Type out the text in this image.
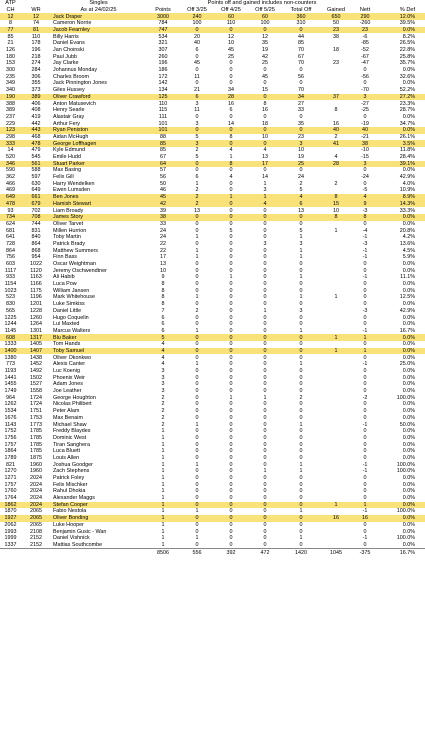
ATP		Singles	Points off and gained includes non-counters								
CH	WR	As at 24/02/25	Points	Off 3/25	Off 4/25	Off 5/25	Total Off	Gained	Nett	% Def	
12	12	Jack Draper	3000	240	60	60	360	650	290	12.0%	
8	74	Cameron Norrie	784	100	110	100	310	50	-260	39.5%	
77	81	Jacob Fearnley	747	0	0	0	0	23	23	0.0%	
85	110	Billy Harris	534	20	12	12	44	38	-6	8.2%	
21	178	Daniel Evans	321	40	10	35	85		-85	26.5%	
126	196	Jan Choinski	307	6	45	19	70	18	-52	22.8%	
180	218	Paul Jubb	260	0	25	42	67		-67	25.8%	
153	274	Jay Clarke	196	45	0	25	70	23	-47	35.7%	
300	284	Johannus Monday	186	0	0	0	0		0	0.0%	
235	306	Charles Broom	172	11	0	45	56		-56	32.6%	
349	355	Jack Pinnington Jones	142	0	0	0	0		0	0.0%	
340	373	Giles Hussey	134	21	34	15	70		-70	52.2%	
190	389	Oliver Crawford	125	6	28	0	34	37	3	27.2%	
388	406	Anton Matusevich	110	3	16	8	27		-27	23.3%	
389	408	Henry Searle	115	11	6	16	33	8	-25	28.7%	
237	419	Alastair Gray	111	0	0	0	0		0	0.0%	
229	442	Arthur Fery	101	3	14	18	35	16	-19	34.7%	
123	443	Ryan Peniston	101	0	0	0	0	40	40	0.0%	
298	468	Aidan McHugh	88	5	8	10	23	2	-21	26.1%	
333	478	George Loffhagen	85	3	0	0	3	41	38	3.5%	
14	479	Kyle Edmund	85	2	4	4	10		-10	11.8%	
520	545	Emile Hudd	67	5	1	13	19	4	-15	28.4%	
346	561	Stuart Parker	64	0	8	17	25	28	3	39.1%	
590	588	Max Basing	57	0	0	0	0		0	0.0%	
362	597	Felix Gill	56	6	4	14	24		-24	42.9%	
466	630	Harry Wendelken	50	1	0	1	2	2	0	4.0%	
469	649	Ewen Lumsden	46	2	0	3	5		-5	10.9%	
649	661	Ben Jones	45	2	1	1	4	8	4	8.9%	
478	679	Hamish Stewart	42	2	0	4	6	15	9	14.3%	
93	702	Liam Broady	39	13	0	0	13	10	-3	33.3%	
734	708	James Story	38	0	0	0	0	8	8	0.0%	
624	744	Oliver Tarvet	33	0	0	0	0		0	0.0%	
681	831	Millen Hurrion	24	0	5	0	5	1	-4	20.8%	
641	840	Toby Martin	24	1	0	0	1		-1	4.2%	
728	864	Patrick Brady	22	0	0	3	3		-3	13.6%	
864	868	Matthew Summers	22	1	0	0	1		-1	4.5%	
756	954	Finn Bass	17	1	0	0	1		-1	5.9%	
603	1022	Oscar Weightman	13	0	0	0	0		0	0.0%	
1117	1120	Jeremy Oschwendtner	10	0	0	0	0		0	0.0%	
933	1163	Ali Habib	9	0	1	0	1		-1	11.1%	
1154	1166	Luca Pow	8	0	0	0	0		0	0.0%	
1023	1175	William Jansen	8	0	0	0	0		0	0.0%	
523	1196	Mark Whitehouse	8	1	0	0	1	1	0	12.5%	
830	1201	Luke Simkiss	8	0	0	0	0		0	0.0%	
565	1228	Daniel Little	7	2	0	1	3		-3	42.9%	
1225	1260	Hugo Coquelin	6	0	0	0	0		0	0.0%	
1244	1264	Lui Maxted	6	0	0	0	0		0	0.0%	
1145	1301	Marcus Walters	6	1	0	0	1		-1	16.7%	
608	1317	Blu Baker	5	0	0	0	0	1	1	0.0%	
1333	1405	Tom Hands	4	0	0	0	0		0	0.0%	
1400	1407	Toby Samuel	4	0	0	0	0	1	1	0.0%	
1380	1438	Oliver Okonkwo	4	0	0	0	0		0	0.0%	
773	1452	Alexis Canter	4	1	0	0	1		-1	25.0%	
1193	1492	Luc Koenig	3	0	0	0	0		0	0.0%	
1441	1502	Phoenix Weir	3	0	0	0	0		0	0.0%	
1455	1527	Adam Jones	3	0	0	0	0		0	0.0%	
1749	1558	Joe Leather	3	0	0	0	0		0	0.0%	
964	1724	George Houghton	2	0	1	1	2		-2	100.0%	
1262	1724	Nicolas Philibert	2	0	0	0	0		0	0.0%	
1534	1751	Peter Alam	2	0	0	0	0		0	0.0%	
1676	1753	Max Benaim	2	0	0	0	0		0	0.0%	
1143	1773	Michael Shaw	2	1	0	0	1		-1	50.0%	
1752	1785	Freddy Blaydes	1	0	0	0	0		0	0.0%	
1756	1785	Dominic West	1	0	0	0	0		0	0.0%	
1757	1785	Tiran Sanghera	1	0	0	0	0		0	0.0%	
1864	1785	Luca Bluett	1	0	0	0	0		0	0.0%	
1789	1875	Louis Allen	1	0	0	0	0		0	0.0%	
821	1960	Joshua Goodger	1	1	0	0	1		-1	100.0%	
1270	1960	Zach Stephens	1	0	0	1	1		-1	100.0%	
1271	2024	Patrick Foley	1	0	0	0	0		0	0.0%	
1757	2024	Felix Mischker	1	0	0	0	0		0	0.0%	
1760	2024	Rahul Dhokia	1	0	0	0	0		0	0.0%	
1764	2024	Alexander Maggs	1	0	0	0	0		0	0.0%	
1862	2024	Stefan Cooper	1	0	0	0	0	1	1	0.0%	
1870	2065	Fabio Nestola	1	1	0	0	1		-1	100.0%	
1927	2065	Oliver Bonding	1	0	0	0	0	16	16	0.0%	
2062	2065	Luke Hooper	1	0	0	0	0		0	0.0%	
1993	2108	Benjamin Gusic - Wan	1	0	0	0	0		0	0.0%	
1999	2152	Daniel Vishnick	1	1	0	0	1		-1	100.0%	
1337	2152	Mattias Southcombe	1	0	0	0	0		0	0.0%	
			8506	556	392	472	1420	1045	-375	16.7%	
